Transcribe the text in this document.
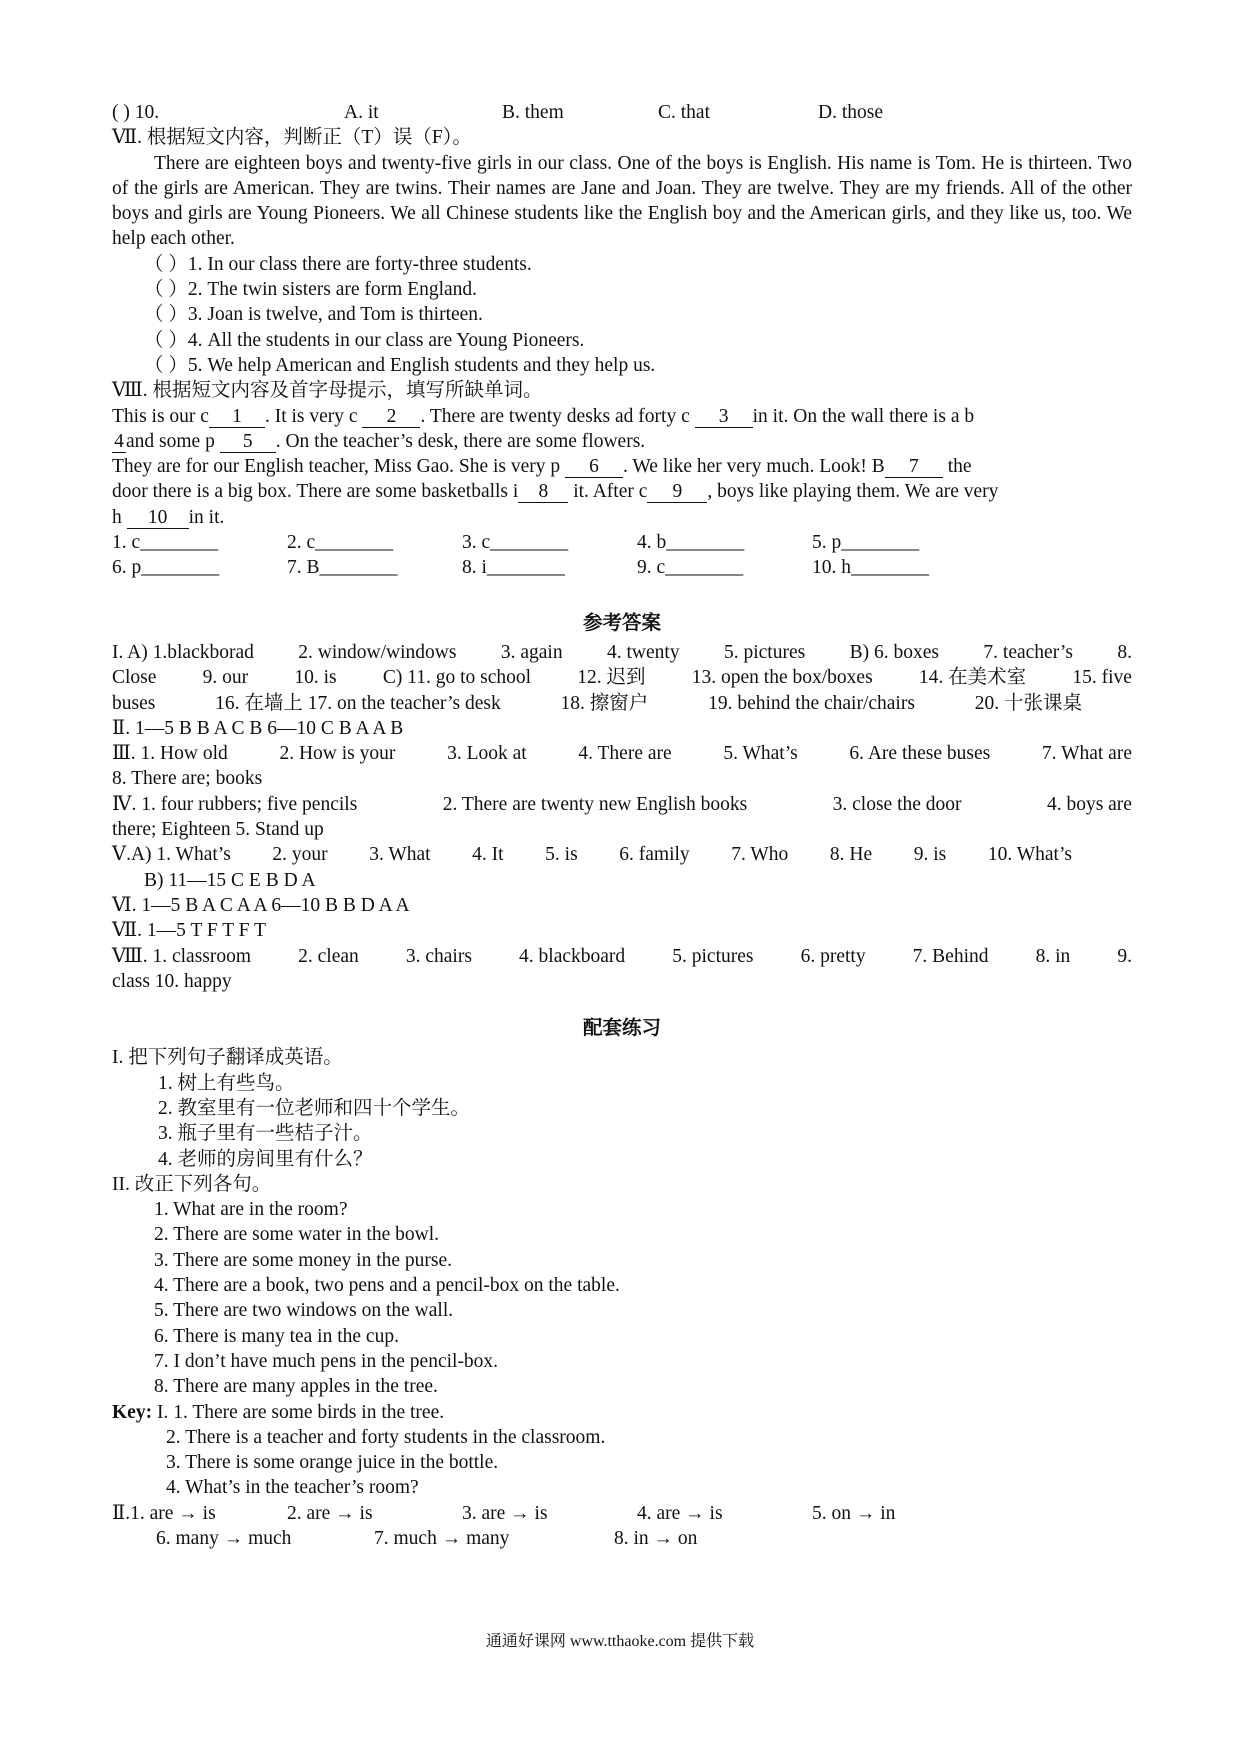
( ) 10.	A. it	B. them	C. that	D. those
Ⅶ. 根据短文内容，判断正（T）误（F）。
There are eighteen boys and twenty-five girls in our class. One of the boys is English. His name is Tom. He is thirteen. Two of the girls are American. They are twins. Their names are Jane and Joan. They are twelve. They are my friends. All of the other boys and girls are Young Pioneers. We all Chinese students like the English boy and the American girls, and they like us, too. We help each other.
（ ）1. In our class there are forty-three students.
（ ）2. The twin sisters are form England.
（ ）3. Joan is twelve, and Tom is thirteen.
（ ）4. All the students in our class are Young Pioneers.
（ ）5. We help American and English students and they help us.
Ⅷ. 根据短文内容及首字母提示，填写所缺单词。
This is our c 1 . It is very c 2 . There are twenty desks ad forty c 3 in it. On the wall there is a b
4 and some p 5 . On the teacher’s desk, there are some flowers.
They are for our English teacher, Miss Gao. She is very p 6 . We like her very much. Look! B 7 the
door there is a big box. There are some basketballs i 8 it. After c 9 , boys like playing them. We are very
h 10 in it.
1. c________	2. c________	3. c________	4. b________	5. p________
6. p________	7. B________	8. i________	9. c________	10. h________
参考答案
I. A) 1.blackborad 2. window/windows 3. again 4. twenty 5. pictures B) 6. boxes 7. teacher’s 8.
Close 9. our 10. is C) 11. go to school 12. 迟到 13. open the box/boxes 14. 在美术室 15. five
buses	16. 在墙上 17. on the teacher’s desk	18. 擦窗户	19. behind the chair/chairs	20. 十张课桌
Ⅱ. 1—5 B B A C B 6—10 C B A A B
Ⅲ. 1. How old	2. How is your	3. Look at	4. There are	5. What’s	6. Are these buses	7. What are
8. There are; books
Ⅳ. 1. four rubbers; five pencils	2. There are twenty new English books	3. close the door	4. boys are
there; Eighteen 5. Stand up
Ⅴ.A) 1. What’s 2. your 3. What 4. It 5. is 6. family 7. Who 8. He 9. is 10. What’s
B) 11—15 C E B D A
Ⅵ. 1—5 B A C A A 6—10 B B D A A
Ⅶ. 1—5 T F T F T
Ⅷ. 1. classroom 2. clean 3. chairs 4. blackboard 5. pictures 6. pretty 7. Behind 8. in 9.
class 10. happy
配套练习
I. 把下列句子翻译成英语。
1. 树上有些鸟。
2. 教室里有一位老师和四十个学生。
3. 瓶子里有一些桔子汁。
4. 老师的房间里有什么？
II. 改正下列各句。
1. What are in the room?
2. There are some water in the bowl.
3. There are some money in the purse.
4. There are a book, two pens and a pencil-box on the table.
5. There are two windows on the wall.
6. There is many tea in the cup.
7. I don’t have much pens in the pencil-box.
8. There are many apples in the tree.
Key: I. 1. There are some birds in the tree.
2. There is a teacher and forty students in the classroom.
3. There is some orange juice in the bottle.
4. What’s in the teacher’s room?
Ⅱ.1. are → is	2. are → is	3. are → is	4. are → is	5. on → in
6. many → much	7. much → many	8. in → on
通通好课网 www.tthaoke.com 提供下载
